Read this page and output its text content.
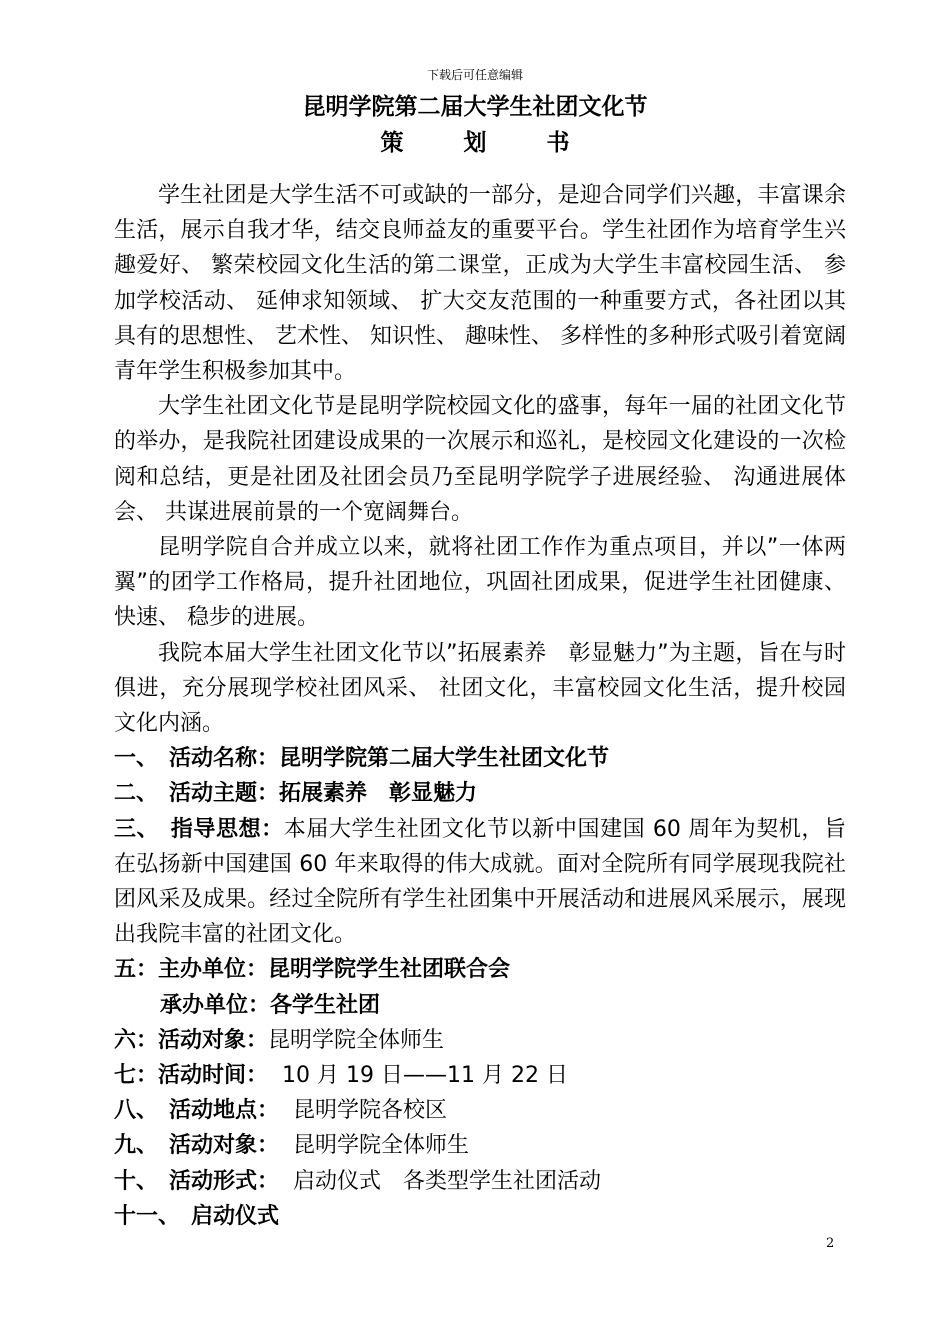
下载后可任意编辑
昆明学院第二届大学生社团文化节
策 划 书

学生社团是大学生活不可或缺的一部分，是迎合同学们兴趣，丰富课余生活，展示自我才华，结交良师益友的重要平台。学生社团作为培育学生兴趣爱好、 繁荣校园文化生活的第二课堂，正成为大学生丰富校园生活、 参加学校活动、 延伸求知领域、 扩大交友范围的一种重要方式，各社团以其具有的思想性、 艺术性、 知识性、 趣味性、 多样性的多种形式吸引着宽阔青年学生积极参加其中。

大学生社团文化节是昆明学院校园文化的盛事，每年一届的社团文化节的举办，是我院社团建设成果的一次展示和巡礼，是校园文化建设的一次检阅和总结，更是社团及社团会员乃至昆明学院学子进展经验、 沟通进展体会、 共谋进展前景的一个宽阔舞台。

昆明学院自合并成立以来，就将社团工作作为重点项目，并以”一体两翼”的团学工作格局，提升社团地位，巩固社团成果，促进学生社团健康、 快速、 稳步的进展。

我院本届大学生社团文化节以”拓展素养　彰显魅力”为主题，旨在与时俱进，充分展现学校社团风采、 社团文化，丰富校园文化生活，提升校园文化内涵。

一、　活动名称：昆明学院第二届大学生社团文化节

二、　活动主题：拓展素养　彰显魅力

三、　指导思想：本届大学生社团文化节以新中国建国 60 周年为契机，旨在弘扬新中国建国 60 年来取得的伟大成就。面对全院所有同学展现我院社团风采及成果。经过全院所有学生社团集中开展活动和进展风采展示，展现出我院丰富的社团文化。

五：主办单位：昆明学院学生社团联合会

承办单位：各学生社团

六：活动对象：昆明学院全体师生

七：活动时间： 10 月 19 日——11 月 22 日

八、　活动地点： 昆明学院各校区

九、　活动对象： 昆明学院全体师生

十、　活动形式： 启动仪式　各类型学生社团活动

十一、　启动仪式

2
